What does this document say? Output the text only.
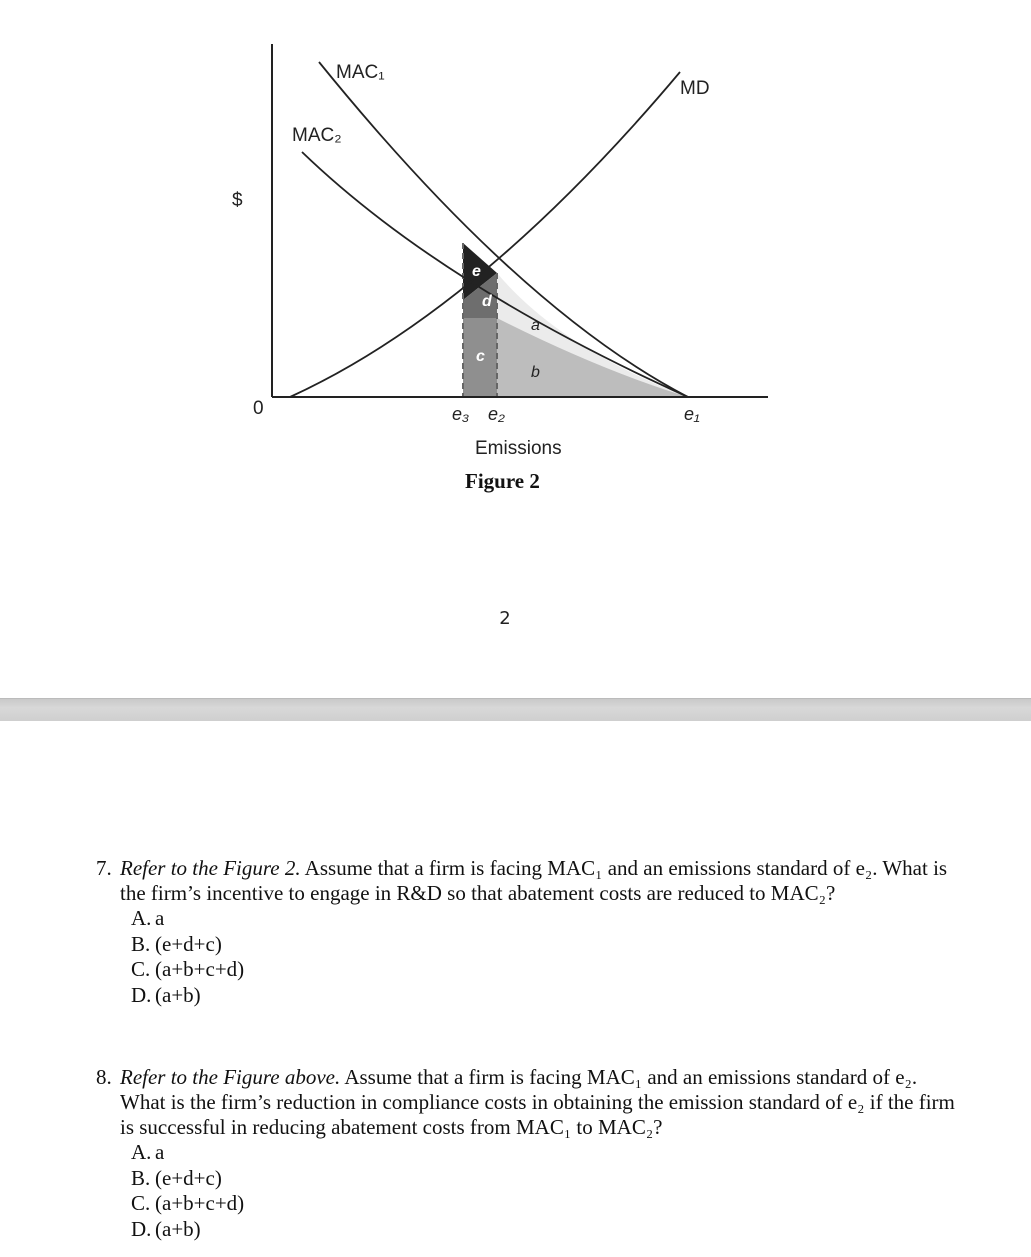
MAC₁
MAC₂
MD
$
0	e₃ e₂	e₁
Emissions
e
d
c
a
b
Figure 2
2
7. Refer to the Figure 2. Assume that a firm is facing MAC₁ and an emissions standard of e₂. What is the firm’s incentive to engage in R&D so that abatement costs are reduced to MAC₂?
A. a
B. (e+d+c)
C. (a+b+c+d)
D. (a+b)
8. Refer to the Figure above. Assume that a firm is facing MAC₁ and an emissions standard of e₂. What is the firm’s reduction in compliance costs in obtaining the emission standard of e₂ if the firm is successful in reducing abatement costs from MAC₁ to MAC₂?
A. a
B. (e+d+c)
C. (a+b+c+d)
D. (a+b)
